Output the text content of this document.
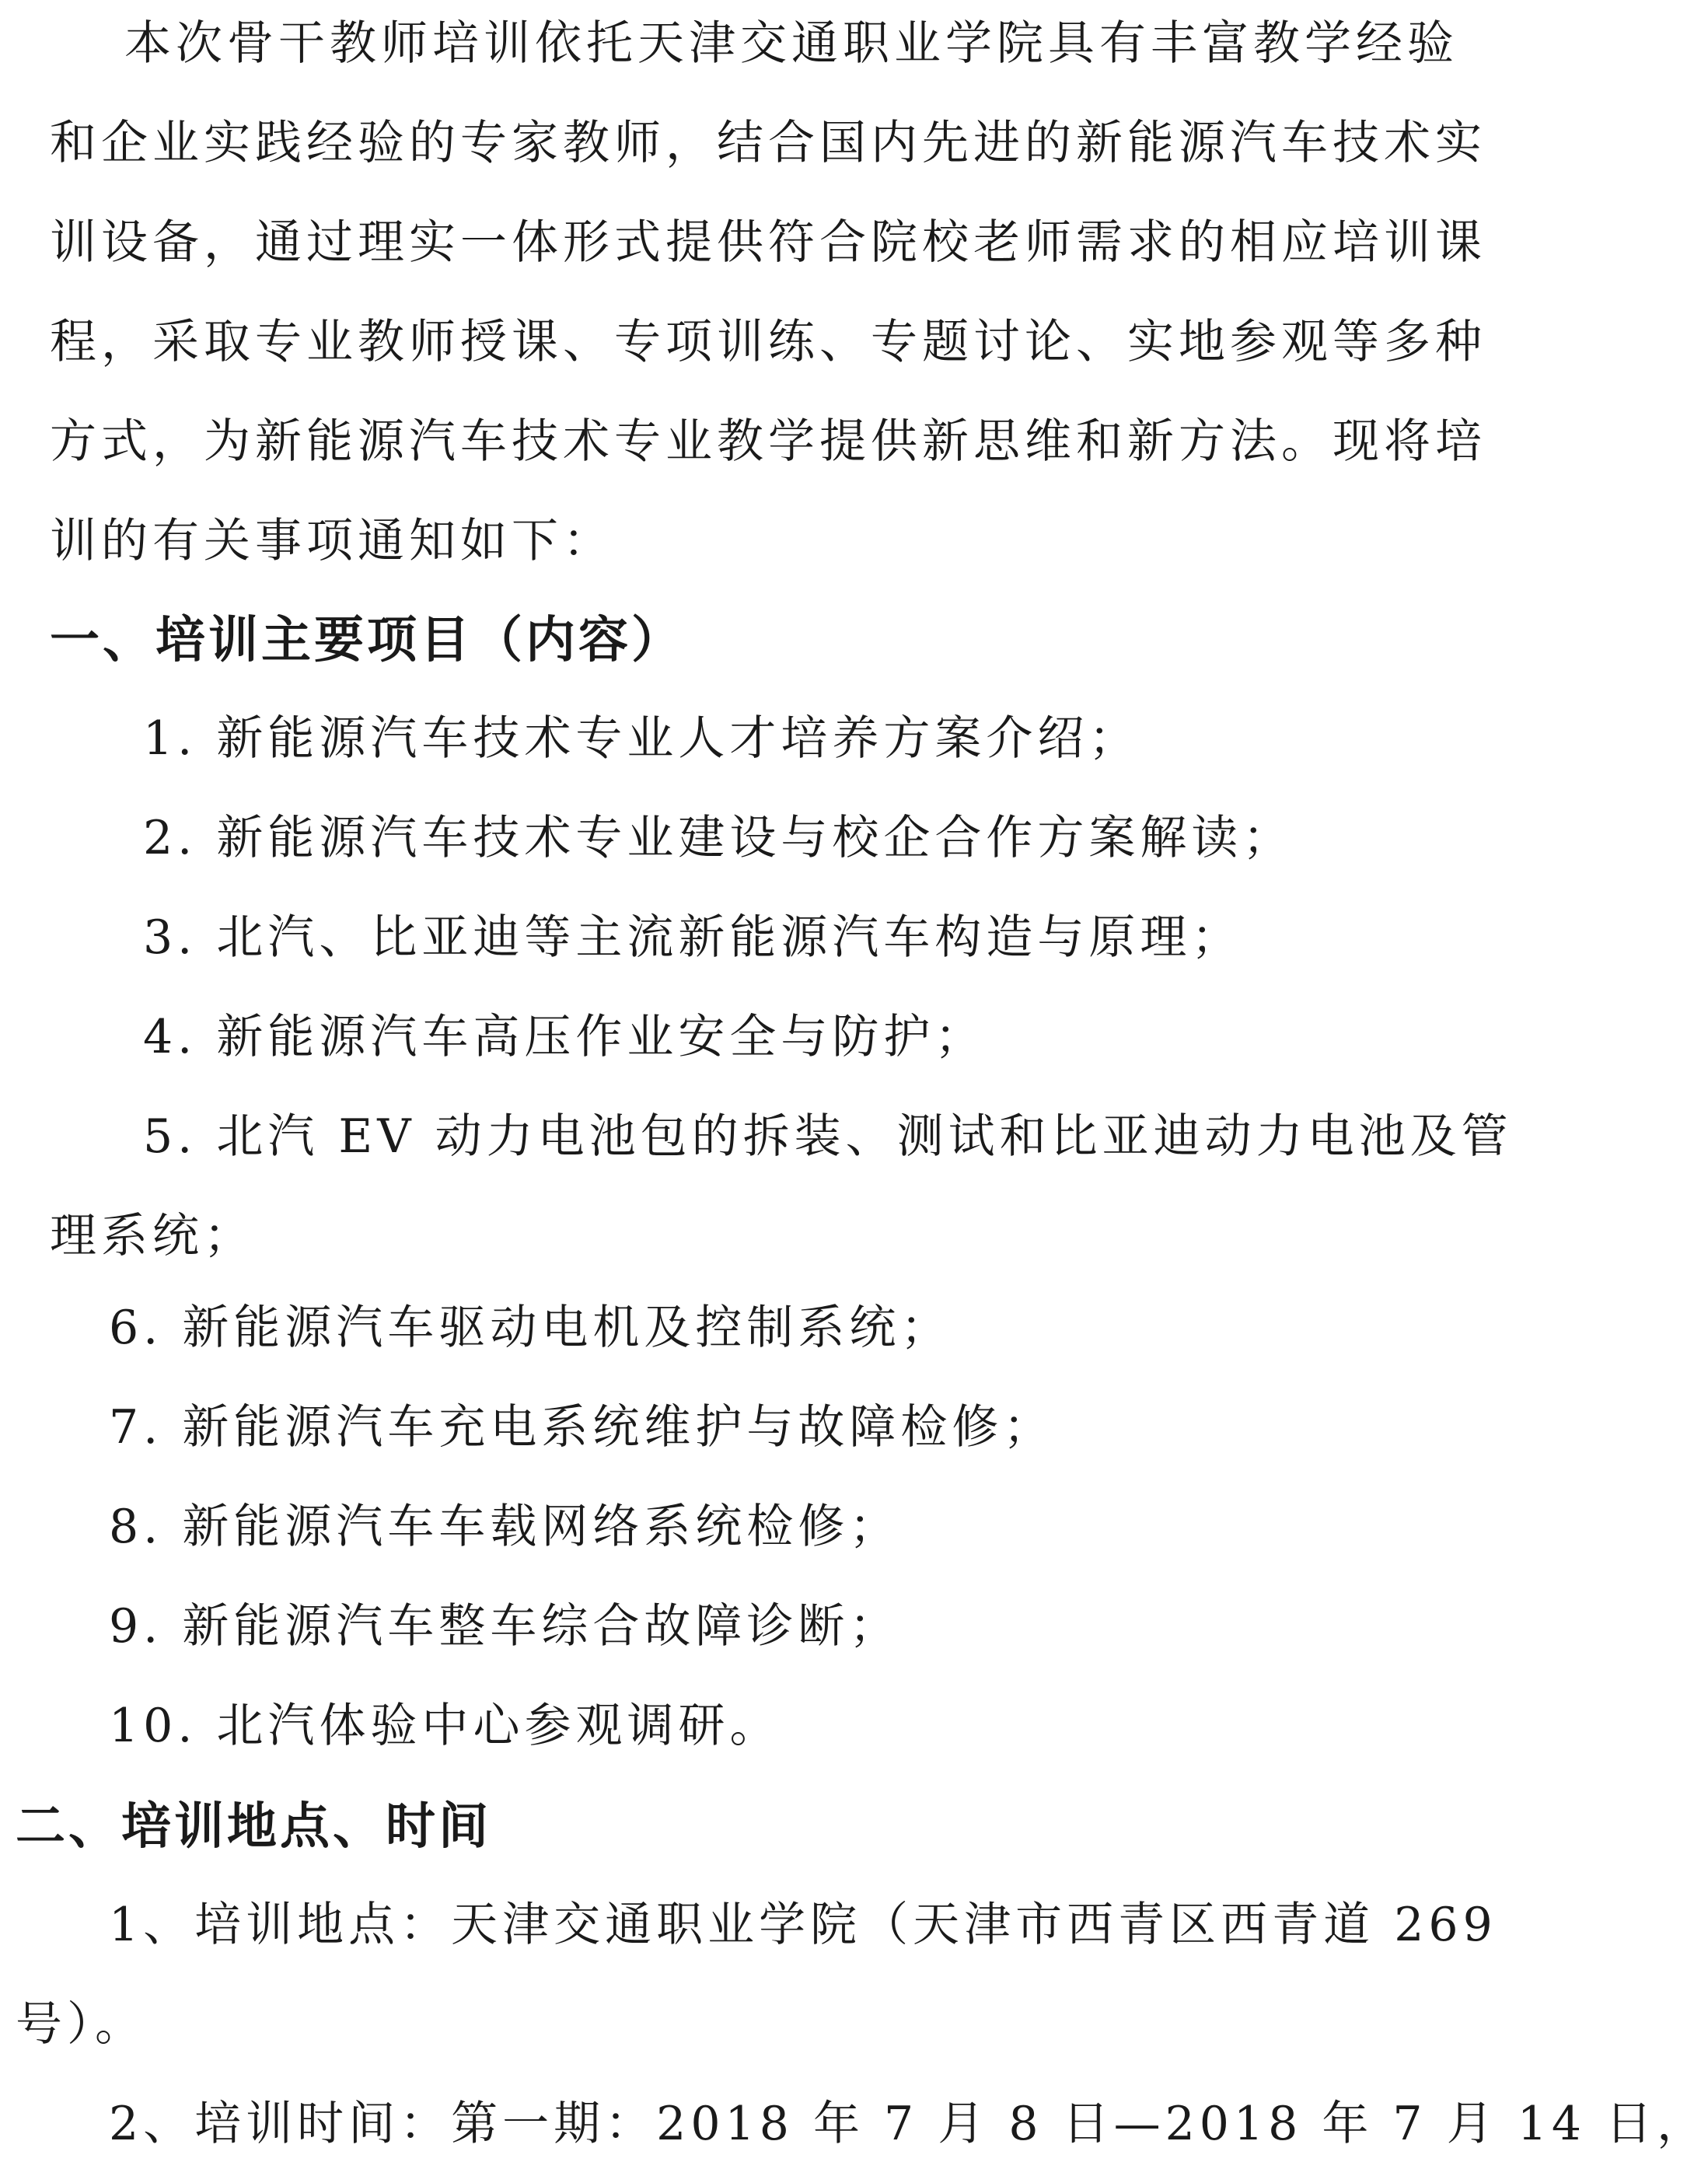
本次骨干教师培训依托天津交通职业学院具有丰富教学经验
和企业实践经验的专家教师，结合国内先进的新能源汽车技术实
训设备，通过理实一体形式提供符合院校老师需求的相应培训课
程，采取专业教师授课、专项训练、专题讨论、实地参观等多种
方式，为新能源汽车技术专业教学提供新思维和新方法。现将培
训的有关事项通知如下：
一、培训主要项目（内容）
1. 新能源汽车技术专业人才培养方案介绍；
2. 新能源汽车技术专业建设与校企合作方案解读；
3. 北汽、比亚迪等主流新能源汽车构造与原理；
4. 新能源汽车高压作业安全与防护；
5. 北汽 EV 动力电池包的拆装、测试和比亚迪动力电池及管
理系统；
6. 新能源汽车驱动电机及控制系统；
7. 新能源汽车充电系统维护与故障检修；
8. 新能源汽车车载网络系统检修；
9. 新能源汽车整车综合故障诊断；
10. 北汽体验中心参观调研。
二、培训地点、时间
1、培训地点：天津交通职业学院（天津市西青区西青道 269
号）。
2、培训时间：第一期：2018 年 7 月 8 日—2018 年 7 月 14 日，
